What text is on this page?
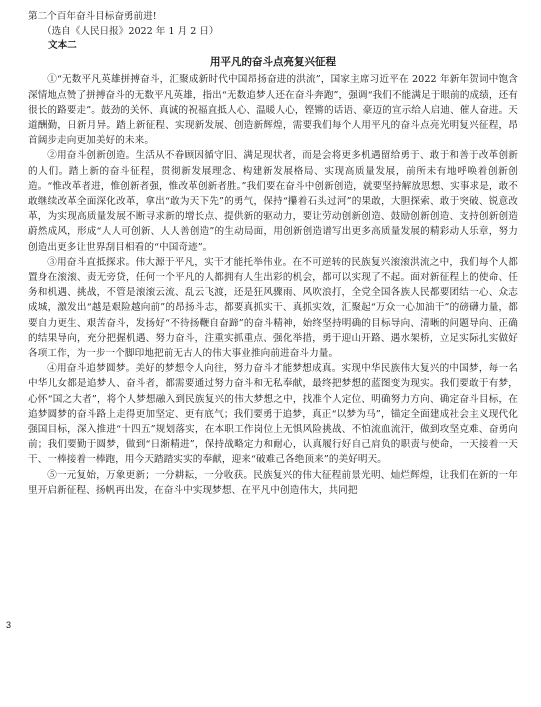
第二个百年奋斗目标奋勇前进!
（选自《人民日报》2022 年 1 月 2 日）
文本二
用平凡的奋斗点亮复兴征程

①“无数平凡英雄拼搏奋斗，汇聚成新时代中国昂扬奋进的洪流”，国家主席习近平在 2022 年新年贺词中饱含深情地点赞了拼搏奋斗的无数平凡英雄，指出“无数追梦人还在奋斗奔跑”，强调“我们不能满足于眼前的成绩，还有很长的路要走”。鼓劲的关怀、真诚的祝福直抵人心、温暖人心，铿锵的话语、豪迈的宣示给人启迪、催人奋进。天道酬勤，日新月异。踏上新征程、实现新发展、创造新辉煌，需要我们每个人用平凡的奋斗点亮光明复兴征程，昂首阔步走向更加美好的未来。

②用奋斗创新创造。生活从不眷顾因循守旧、满足现状者，而是会将更多机遇留给勇于、敢于和善于改革创新的人们。踏上新的奋斗征程，贯彻新发展理念、构建新发展格局、实现高质量发展，前所未有地呼唤着创新创造。“惟改革者进，惟创新者强，惟改革创新者胜。”我们要在奋斗中创新创造，就要坚持解放思想、实事求是，敢不敢继续改革全面深化改革，拿出“敢为天下先”的勇气，保持“攥着石头过河”的果敢，大胆探索、敢于突破、锐意改革，为实现高质量发展不断寻求新的增长点、提供新的驱动力，要让劳动创新创造、鼓励创新创造、支持创新创造蔚然成风，形成“人人可创新、人人善创造”的生动局面，用创新创造谱写出更多高质量发展的精彩动人乐章，努力创造出更多让世界刮目相看的“中国奇迹”。

③用奋斗直抵探求。伟大源于平凡，实干才能托举伟业。在不可逆转的民族复兴滚滚洪流之中，我们每个人都置身在滚滚、责无旁贷，任何一个平凡的人都拥有人生出彩的机会，都可以实现了不起。面对新征程上的使命、任务和机遇、挑战，不管是滚滚云流、乱云飞渡，还是狂风骤雨、风吹浪打，全党全国各族人民都要团结一心、众志成城，激发出“越是艰险越向前”的昂扬斗志，都要真抓实干、真抓实效，汇聚起“万众一心加油干”的磅礴力量，都要自力更生、艰苦奋斗，发扬好“不待扬鞭自奋蹄”的奋斗精神，始终坚持明确的目标导向、清晰的问题导向、正确的结果导向，充分把握机遇、努力奋斗，注重实抓重点、强化举措，勇于迎山开路、遇水架桥，立足实际扎实做好各项工作，为一步一个脚印地把前无古人的伟大事业推向前进奋斗力量。

④用奋斗追梦圆梦。美好的梦想令人向往，努力奋斗才能梦想成真。实现中华民族伟大复兴的中国梦，每一名中华儿女都是追梦人、奋斗者，都需要通过努力奋斗和无私奉献，最终把梦想的蓝图变为现实。我们要敢于有梦，心怀“国之大者”，将个人梦想融入到民族复兴的伟大梦想之中，找准个人定位、明确努力方向、确定奋斗目标，在追梦圆梦的奋斗路上走得更加坚定、更有底气；我们要勇于追梦，真正“以梦为马”，锚定全面建成社会主义现代化强国目标，深入推进“十四五”规划落实，在本职工作岗位上无惧风险挑战、不怕流血流汗，做到攻坚克难、奋勇向前；我们要勤于圆梦，做到“日渐精进”，保持战略定力和耐心，认真履行好自己肩负的职责与使命，一天接着一天干、一棒接着一棒跑，用今天踏踏实实的奉献，迎来“破难己各绝顶来”的美好明天。

⑤一元复始，万象更新；一分耕耘，一分收获。民族复兴的伟大征程前景光明、灿烂辉煌，让我们在新的一年里开启新征程、扬帆再出发，在奋斗中实现梦想、在平凡中创造伟大，共同把

3
